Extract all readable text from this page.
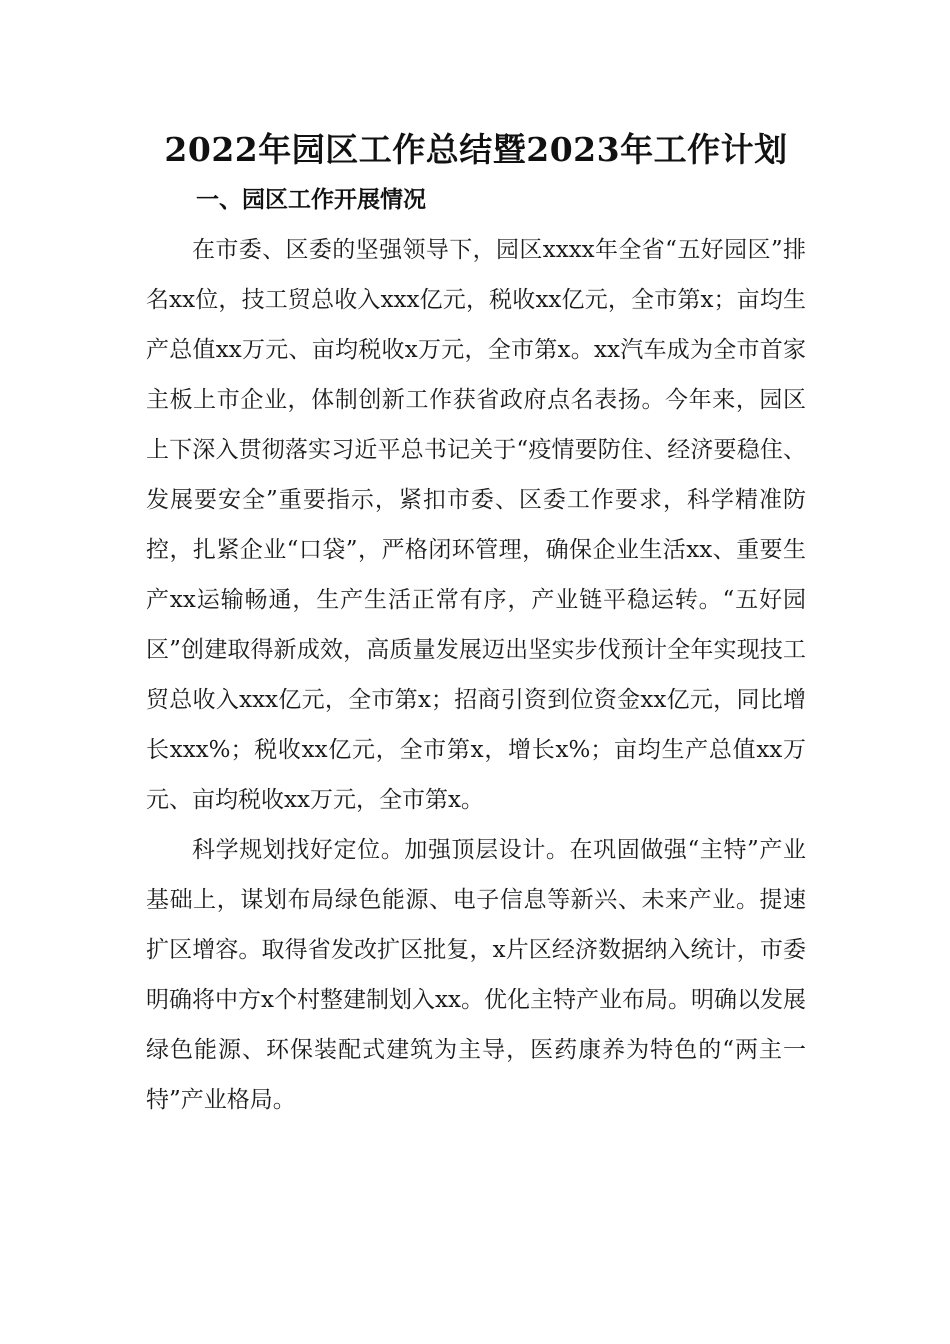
2022年园区工作总结暨2023年工作计划
一、园区工作开展情况

在市委、区委的坚强领导下，园区xxxx年全省“五好园区”排名xx位，技工贸总收入xxx亿元，税收xx亿元，全市第x；亩均生产总值xx万元、亩均税收x万元，全市第x。xx汽车成为全市首家主板上市企业，体制创新工作获省政府点名表扬。今年来，园区上下深入贯彻落实习近平总书记关于“疫情要防住、经济要稳住、发展要安全”重要指示，紧扣市委、区委工作要求，科学精准防控，扎紧企业“口袋”，严格闭环管理，确保企业生活xx、重要生产xx运输畅通，生产生活正常有序，产业链平稳运转。“五好园区”创建取得新成效，高质量发展迈出坚实步伐预计全年实现技工贸总收入xxx亿元，全市第x；招商引资到位资金xx亿元，同比增长xxx%；税收xx亿元，全市第x，增长x%；亩均生产总值xx万元、亩均税收xx万元，全市第x。

科学规划找好定位。加强顶层设计。在巩固做强“主特”产业基础上，谋划布局绿色能源、电子信息等新兴、未来产业。提速扩区增容。取得省发改扩区批复，x片区经济数据纳入统计，市委明确将中方x个村整建制划入xx。优化主特产业布局。明确以发展绿色能源、环保装配式建筑为主导，医药康养为特色的“两主一特”产业格局。
